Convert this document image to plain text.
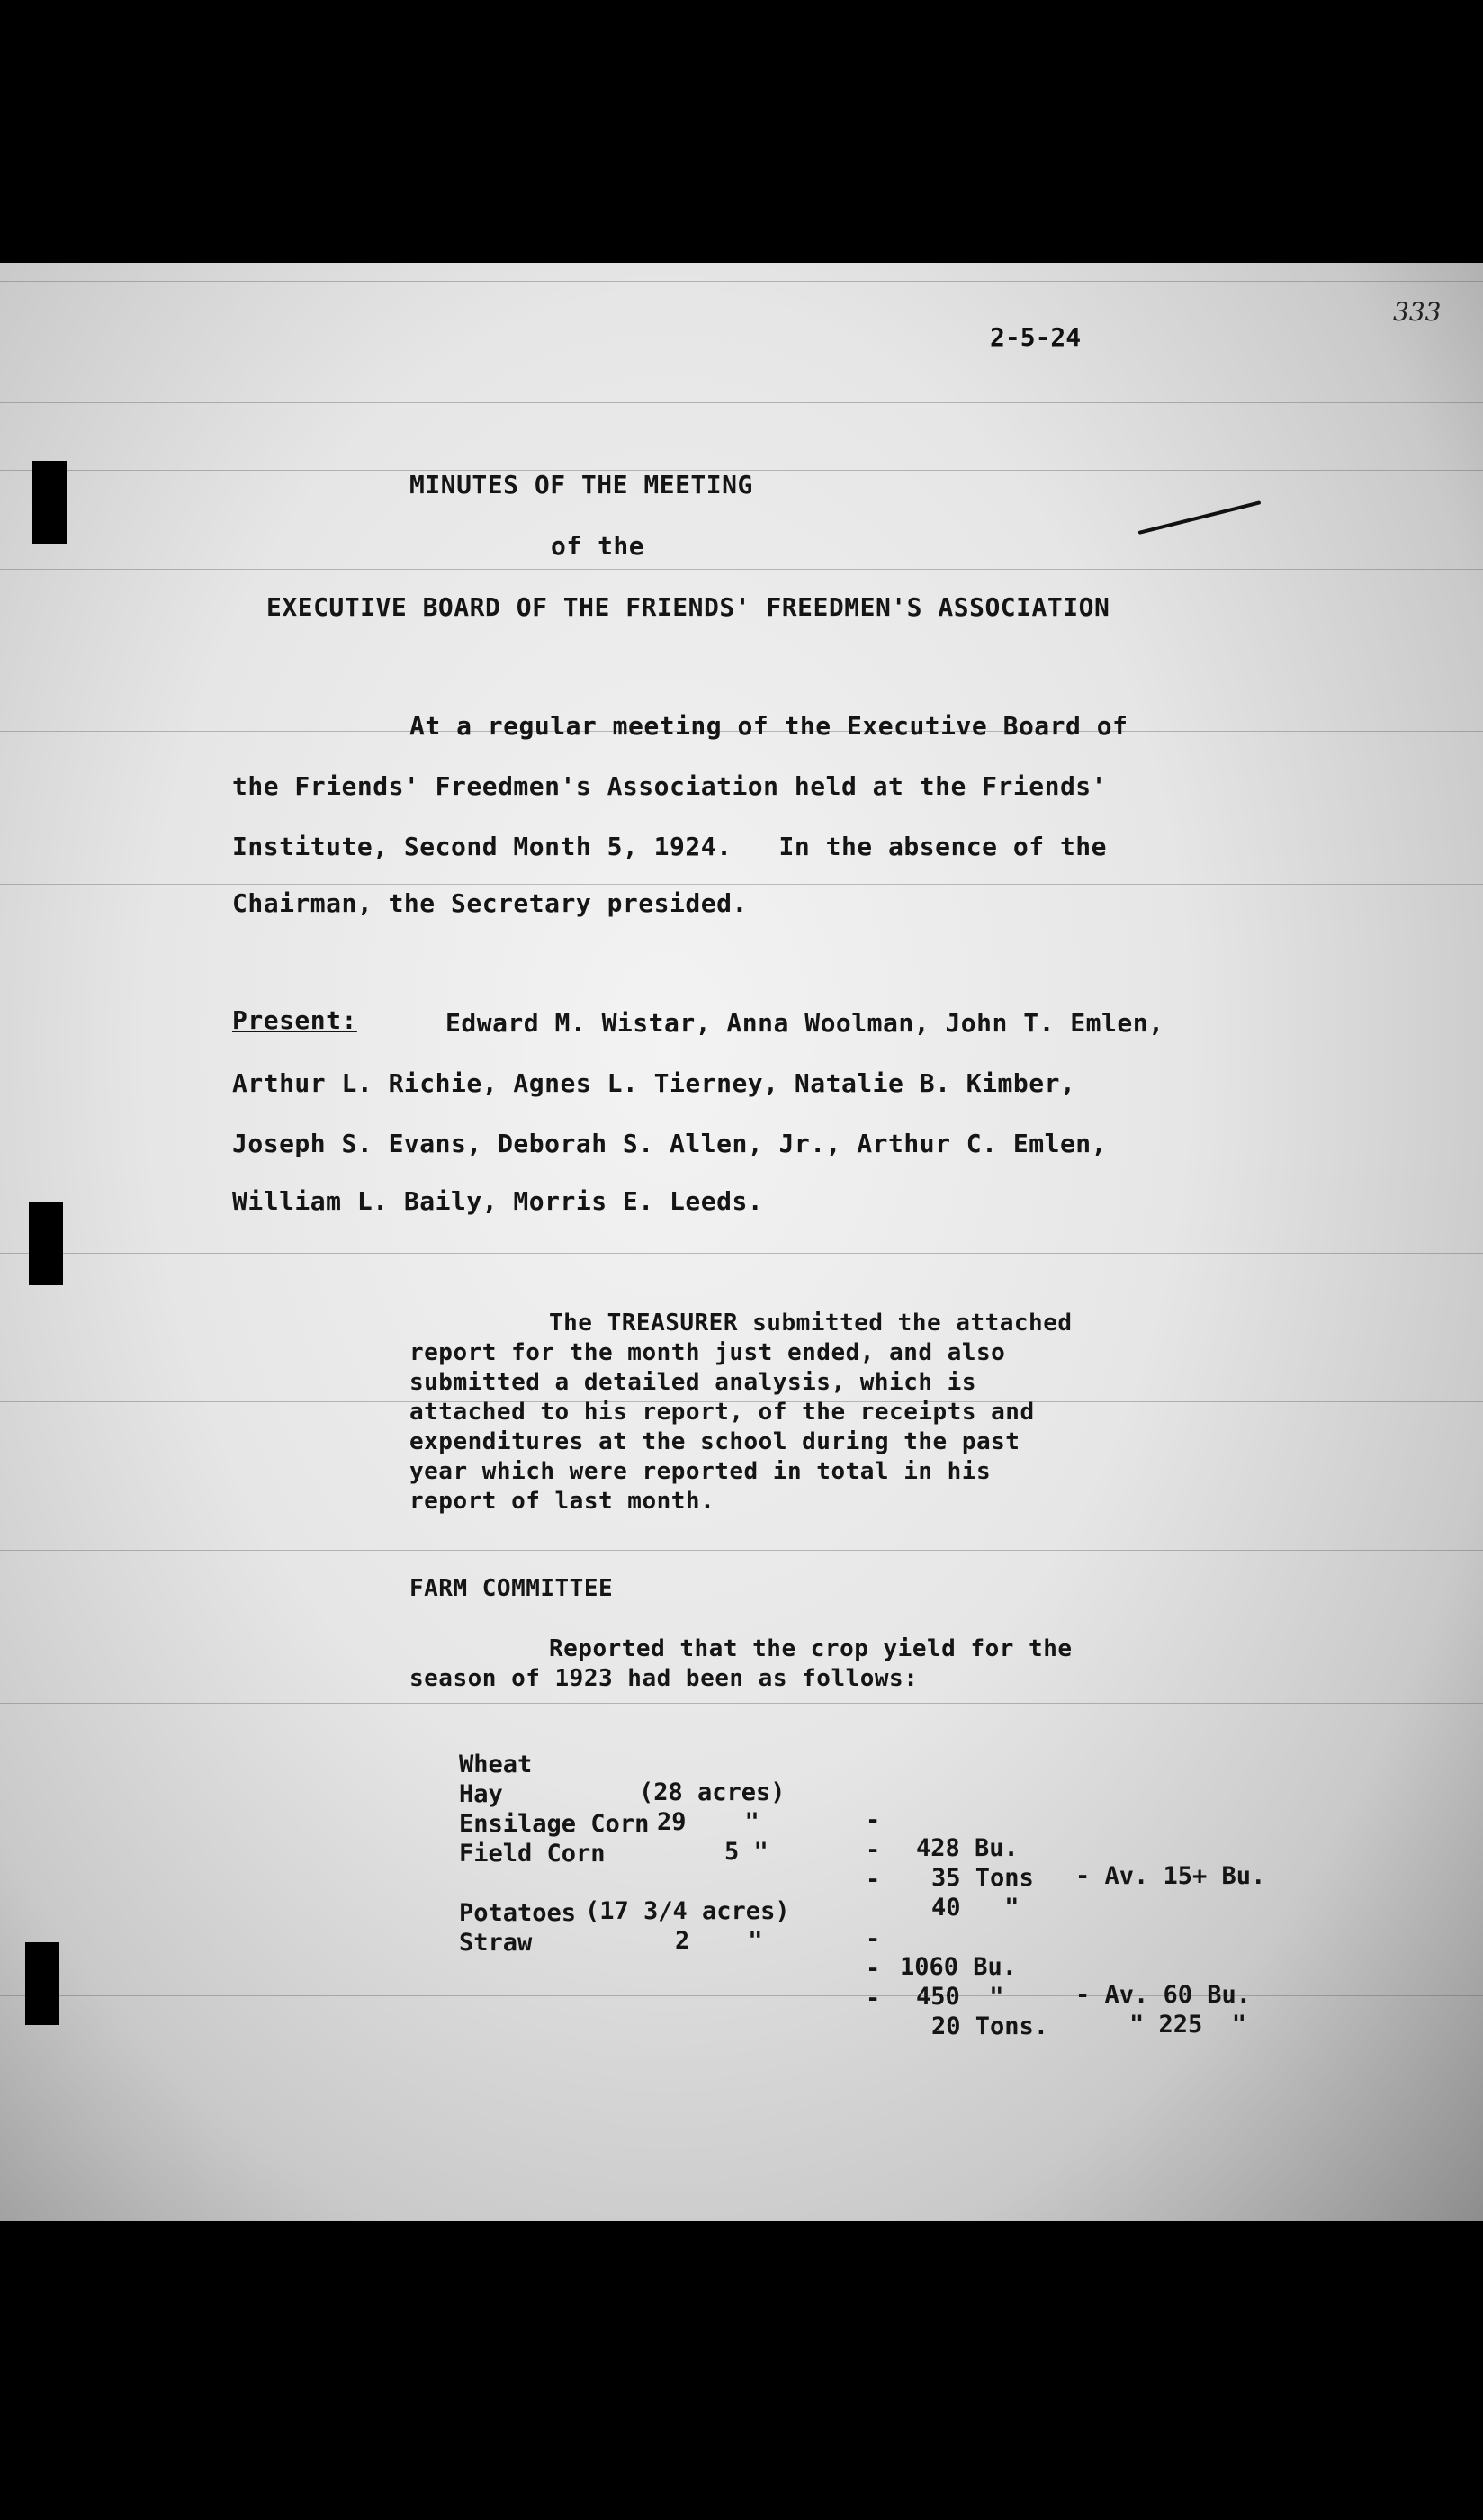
333
2-5-24
MINUTES OF THE MEETING
of the
EXECUTIVE BOARD OF THE FRIENDS' FREEDMEN'S ASSOCIATION
At a regular meeting of the Executive Board of
the Friends' Freedmen's Association held at the Friends'
Institute, Second Month 5, 1924.   In the absence of the
Chairman, the Secretary presided.
Present:	Edward M. Wistar, Anna Woolman, John T. Emlen,
Arthur L. Richie, Agnes L. Tierney, Natalie B. Kimber,
Joseph S. Evans, Deborah S. Allen, Jr., Arthur C. Emlen,
William L. Baily, Morris E. Leeds.
The TREASURER submitted the attached
report for the month just ended, and also
submitted a detailed analysis, which is
attached to his report, of the receipts and
expenditures at the school during the past
year which were reported in total in his
report of last month.
FARM COMMITTEE
Reported that the crop yield for the
season of 1923 had been as follows:

Wheat

(28 acres)

-

428 Bu.

- Av. 15+ Bu.

Hay

29    "

-

35 Tons

Ensilage Corn

5 "

-

40   "

Field Corn

(17 3/4 acres)

-

1060 Bu.

- Av. 60 Bu.

Potatoes

2    "

-

450  "

" 225  "

Straw

-

20 Tons.
